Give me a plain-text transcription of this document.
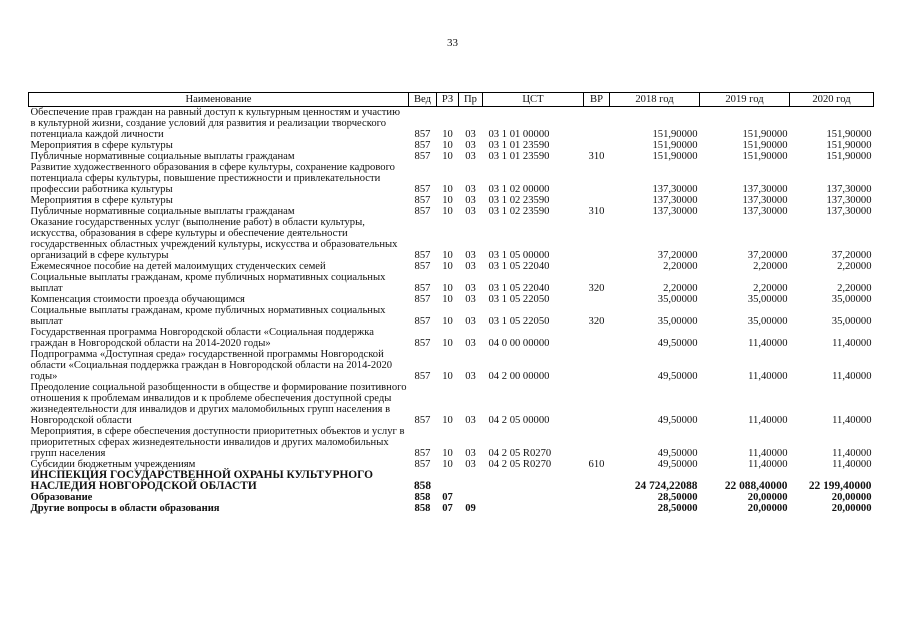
33
Наименование	Вед	РЗ	Пр	ЦСТ	ВР	2018 год	2019 год	2020 год
Обеспечение прав граждан на равный доступ к культурным ценностям и участию в культурной жизни, создание условий для развития и реализации творческого потенциала каждой личности	857	10	03	03 1 01 00000		151,90000	151,90000	151,90000
Мероприятия в сфере культуры	857	10	03	03 1 01 23590		151,90000	151,90000	151,90000
Публичные нормативные социальные выплаты гражданам	857	10	03	03 1 01 23590	310	151,90000	151,90000	151,90000
Развитие художественного образования в сфере культуры, сохранение кадрового потенциала сферы культуры, повышение престижности и привлекательности профессии работника культуры	857	10	03	03 1 02 00000		137,30000	137,30000	137,30000
Мероприятия в сфере культуры	857	10	03	03 1 02 23590		137,30000	137,30000	137,30000
Публичные нормативные социальные выплаты гражданам	857	10	03	03 1 02 23590	310	137,30000	137,30000	137,30000
Оказание государственных услуг (выполнение работ) в области культуры, искусства, образования в сфере культуры и обеспечение деятельности государственных областных учреждений культуры, искусства и образовательных организаций в сфере культуры	857	10	03	03 1 05 00000		37,20000	37,20000	37,20000
Ежемесячное пособие на детей малоимущих студенческих семей	857	10	03	03 1 05 22040		2,20000	2,20000	2,20000
Социальные выплаты гражданам, кроме публичных нормативных социальных выплат	857	10	03	03 1 05 22040	320	2,20000	2,20000	2,20000
Компенсация стоимости проезда обучающимся	857	10	03	03 1 05 22050		35,00000	35,00000	35,00000
Социальные выплаты гражданам, кроме публичных нормативных социальных выплат	857	10	03	03 1 05 22050	320	35,00000	35,00000	35,00000
Государственная программа Новгородской области «Социальная поддержка граждан в Новгородской области на 2014-2020 годы»	857	10	03	04 0 00 00000		49,50000	11,40000	11,40000
Подпрограмма «Доступная среда» государственной программы Новгородской области «Социальная поддержка граждан в Новгородской области на 2014-2020 годы»	857	10	03	04 2 00 00000		49,50000	11,40000	11,40000
Преодоление социальной разобщенности в обществе и формирование позитивного отношения к проблемам инвалидов и к проблеме обеспечения доступной среды жизнедеятельности для инвалидов и других маломобильных групп населения в Новгородской области	857	10	03	04 2 05 00000		49,50000	11,40000	11,40000
Мероприятия, в сфере обеспечения доступности приоритетных объектов и услуг в приоритетных сферах жизнедеятельности инвалидов и других маломобильных групп населения	857	10	03	04 2 05 R0270		49,50000	11,40000	11,40000
Субсидии бюджетным учреждениям	857	10	03	04 2 05 R0270	610	49,50000	11,40000	11,40000
ИНСПЕКЦИЯ ГОСУДАРСТВЕННОЙ ОХРАНЫ КУЛЬТУРНОГО НАСЛЕДИЯ НОВГОРОДСКОЙ ОБЛАСТИ	858					24 724,22088	22 088,40000	22 199,40000
Образование	858	07				28,50000	20,00000	20,00000
Другие вопросы в области образования	858	07	09			28,50000	20,00000	20,00000
